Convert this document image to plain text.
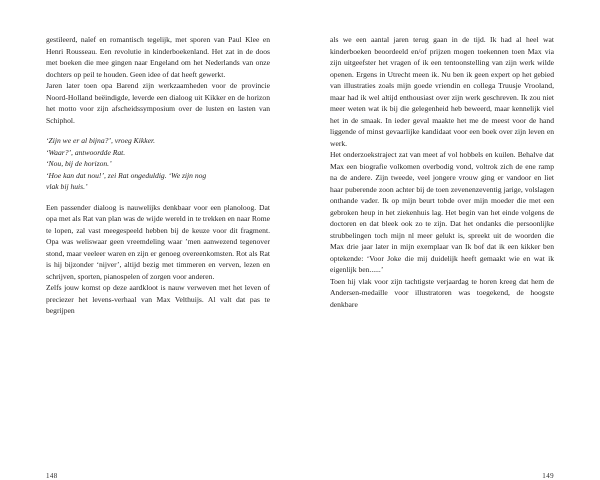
gestileerd, naïef en romantisch tegelijk, met sporen van Paul Klee en Henri Rousseau. Een revolutie in kinderboekenland. Het zat in de doos met boeken die mee gingen naar Engeland om het Nederlands van onze dochters op peil te houden. Geen idee of dat heeft gewerkt.

Jaren later toen opa Barend zijn werkzaamheden voor de provincie Noord-Holland beëindigde, leverde een dialoog uit Kikker en de horizon het motto voor zijn afscheidssymposium over de lusten en lasten van Schiphol.

‘Zijn we er al bijna?’, vroeg Kikker.
‘Waar?’, antwoordde Rat.
‘Nou, bij de horizon.’
‘Hoe kan dat nou!’, zei Rat ongeduldig. ‘We zijn nog
vlak bij huis.’

Een passender dialoog is nauwelijks denkbaar voor een planoloog. Dat opa met als Rat van plan was de wijde wereld in te trekken en naar Rome te lopen, zal vast meegespeeld hebben bij de keuze voor dit fragment. Opa was weliswaar geen vreemdeling waar ’men aanwezend tegenover stond, maar veeleer waren en zijn er genoeg overeenkomsten. Rot als Rat is hij bijzonder ‘nijver’, altijd bezig met timmeren en verven, lezen en schrijven, sporten, pianospelen of zorgen voor anderen.

Zelfs jouw komst op deze aardkloot is nauw verweven met het leven of preciezer het levens-verhaal van Max Velthuijs. Al valt dat pas te begrijpen

148

als we een aantal jaren terug gaan in de tijd. Ik had al heel wat kinderboeken beoordeeld en/of prijzen mogen toekennen toen Max via zijn uitgeefster het vragen of ik een tentoonstelling van zijn werk wilde openen. Ergens in Utrecht meen ik. Nu ben ik geen expert op het gebied van illustraties zoals mijn goede vriendin en collega Truusje Vrooland, maar had ik wel altijd enthousiast over zijn werk geschreven. Ik zou niet meer weten wat ik bij die gelegenheid heb beweerd, maar kennelijk viel het in de smaak. In ieder geval maakte het me de meest voor de hand liggende of minst gevaarlijke kandidaat voor een boek over zijn leven en werk.

Het onderzoekstraject zat van meet af vol hobbels en kuilen. Behalve dat Max een biografie volkomen overbodig vond, voltrok zich de ene ramp na de andere. Zijn tweede, veel jongere vrouw ging er vandoor en liet haar puberende zoon achter bij de toen zevenenzeventig jarige, volslagen onthande vader. Ik op mijn beurt tobde over mijn moeder die met een gebroken heup in het ziekenhuis lag. Het begin van het einde volgens de doctoren en dat bleek ook zo te zijn. Dat het ondanks die persoonlijke strubbelingen toch mijn nl meer gelukt is, spreekt uit de woorden die Max drie jaar later in mijn exemplaar van Ik bof dat ik een kikker ben optekende: ‘Voor Joke die mij duidelijk heeft gemaakt wie en wat ik eigenlijk ben......’

Toen hij vlak voor zijn tachtigste verjaardag te horen kreeg dat hem de Andersen-medaille voor illustratoren was toegekend, de hoogste denkbare

149
